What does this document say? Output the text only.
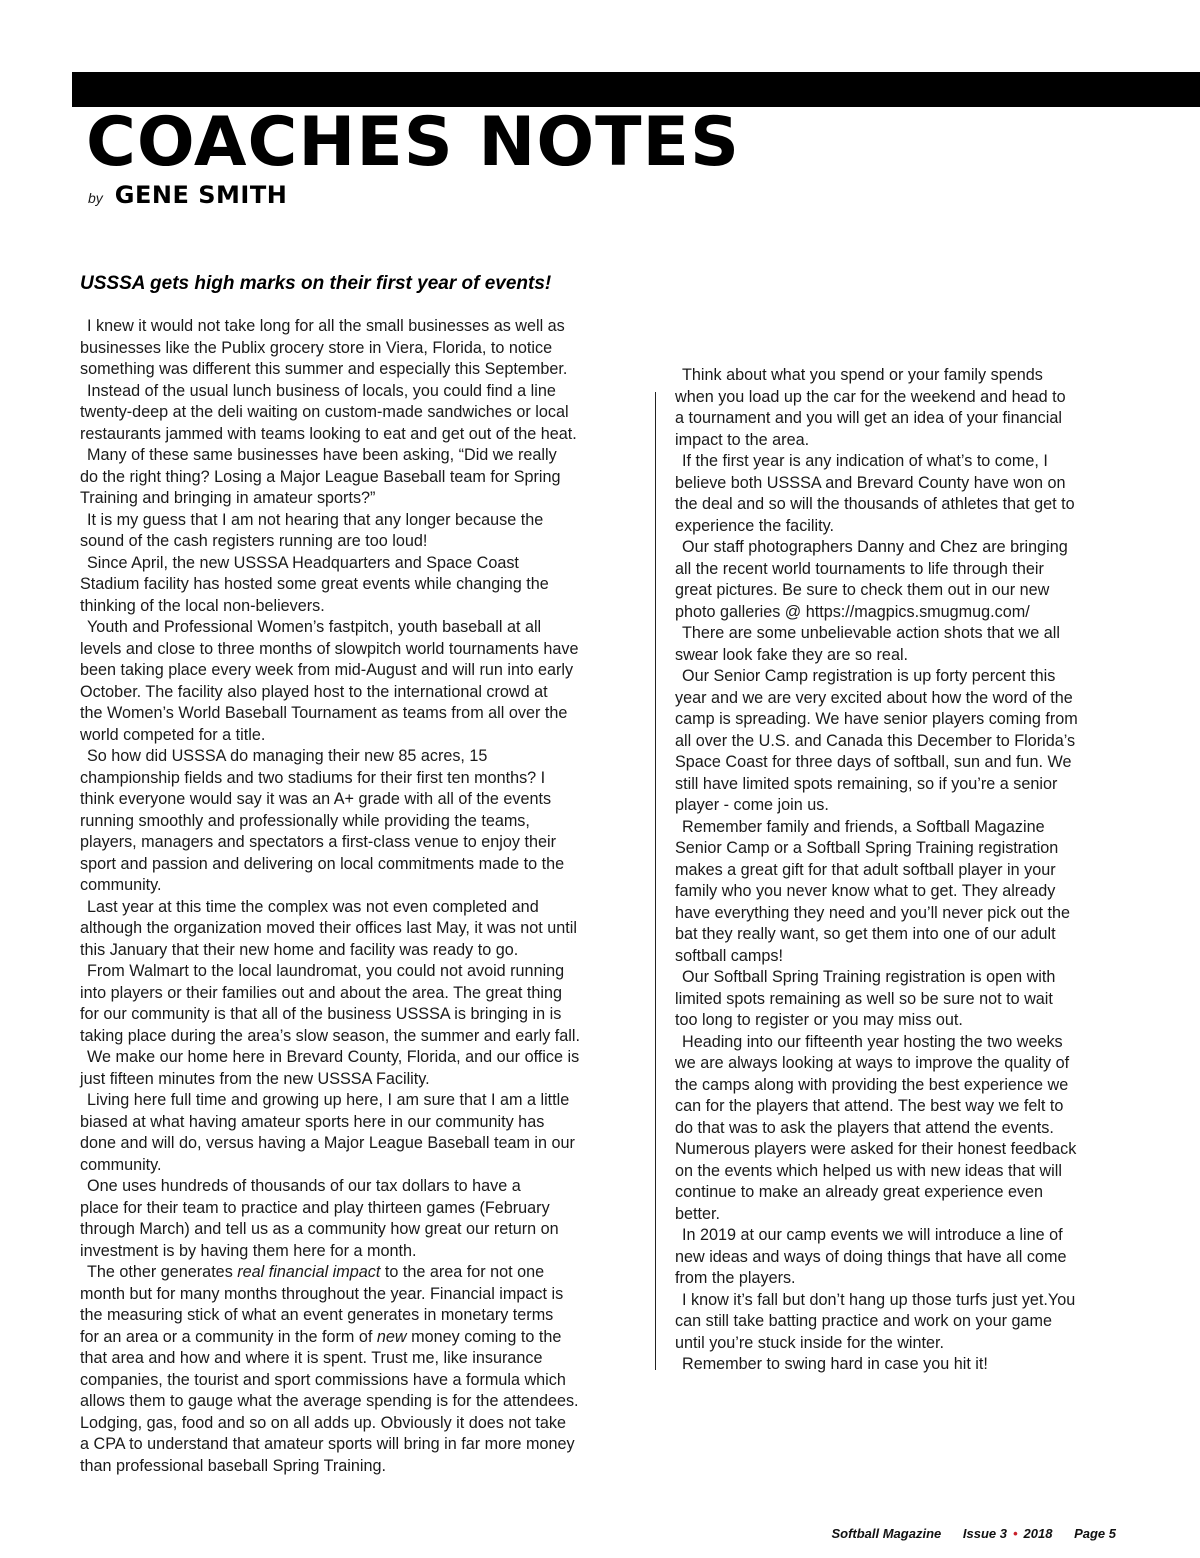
COACHES NOTES
by GENE SMITH
USSSA gets high marks on their first year of events!

I knew it would not take long for all the small businesses as well as
businesses like the Publix grocery store in Viera, Florida, to notice
something was different this summer and especially this September.

Instead of the usual lunch business of locals, you could find a line
twenty-deep at the deli waiting on custom-made sandwiches or local
restaurants jammed with teams looking to eat and get out of the heat.

Many of these same businesses have been asking, “Did we really
do the right thing? Losing a Major League Baseball team for Spring
Training and bringing in amateur sports?”

It is my guess that I am not hearing that any longer because the
sound of the cash registers running are too loud!

Since April, the new USSSA Headquarters and Space Coast
Stadium facility has hosted some great events while changing the
thinking of the local non-believers.

Youth and Professional Women’s fastpitch, youth baseball at all
levels and close to three months of slowpitch world tournaments have
been taking place every week from mid-August and will run into early
October. The facility also played host to the international crowd at
the Women’s World Baseball Tournament as teams from all over the
world competed for a title.

So how did USSSA do managing their new 85 acres, 15
championship fields and two stadiums for their first ten months? I
think everyone would say it was an A+ grade with all of the events
running smoothly and professionally while providing the teams,
players, managers and spectators a first-class venue to enjoy their
sport and passion and delivering on local commitments made to the
community.

Last year at this time the complex was not even completed and
although the organization moved their offices last May, it was not until
this January that their new home and facility was ready to go.

From Walmart to the local laundromat, you could not avoid running
into players or their families out and about the area. The great thing
for our community is that all of the business USSSA is bringing in is
taking place during the area’s slow season, the summer and early fall.

We make our home here in Brevard County, Florida, and our office is
just fifteen minutes from the new USSSA Facility.

Living here full time and growing up here, I am sure that I am a little
biased at what having amateur sports here in our community has
done and will do, versus having a Major League Baseball team in our
community.

One uses hundreds of thousands of our tax dollars to have a
place for their team to practice and play thirteen games (February
through March) and tell us as a community how great our return on
investment is by having them here for a month.

The other generates real financial impact to the area for not one
month but for many months throughout the year. Financial impact is
the measuring stick of what an event generates in monetary terms
for an area or a community in the form of new money coming to the
that area and how and where it is spent. Trust me, like insurance
companies, the tourist and sport commissions have a formula which
allows them to gauge what the average spending is for the attendees.
Lodging, gas, food and so on all adds up. Obviously it does not take
a CPA to understand that amateur sports will bring in far more money
than professional baseball Spring Training.

Think about what you spend or your family spends
when you load up the car for the weekend and head to
a tournament and you will get an idea of your financial
impact to the area.

If the first year is any indication of what’s to come, I
believe both USSSA and Brevard County have won on
the deal and so will the thousands of athletes that get to
experience the facility.

Our staff photographers Danny and Chez are bringing
all the recent world tournaments to life through their
great pictures. Be sure to check them out in our new
photo galleries @ https://magpics.smugmug.com/

There are some unbelievable action shots that we all
swear look fake they are so real.

Our Senior Camp registration is up forty percent this
year and we are very excited about how the word of the
camp is spreading. We have senior players coming from
all over the U.S. and Canada this December to Florida’s
Space Coast for three days of softball, sun and fun. We
still have limited spots remaining, so if you’re a senior
player - come join us.

Remember family and friends, a Softball Magazine
Senior Camp or a Softball Spring Training registration
makes a great gift for that adult softball player in your
family who you never know what to get. They already
have everything they need and you’ll never pick out the
bat they really want, so get them into one of our adult
softball camps!

Our Softball Spring Training registration is open with
limited spots remaining as well so be sure not to wait
too long to register or you may miss out.

Heading into our fifteenth year hosting the two weeks
we are always looking at ways to improve the quality of
the camps along with providing the best experience we
can for the players that attend. The best way we felt to
do that was to ask the players that attend the events.
Numerous players were asked for their honest feedback
on the events which helped us with new ideas that will
continue to make an already great experience even
better.

In 2019 at our camp events we will introduce a line of
new ideas and ways of doing things that have all come
from the players.

I know it’s fall but don’t hang up those turfs just yet.You
can still take batting practice and work on your game
until you’re stuck inside for the winter.

Remember to swing hard in case you hit it!

Softball Magazine Issue 3 • 2018 Page 5
